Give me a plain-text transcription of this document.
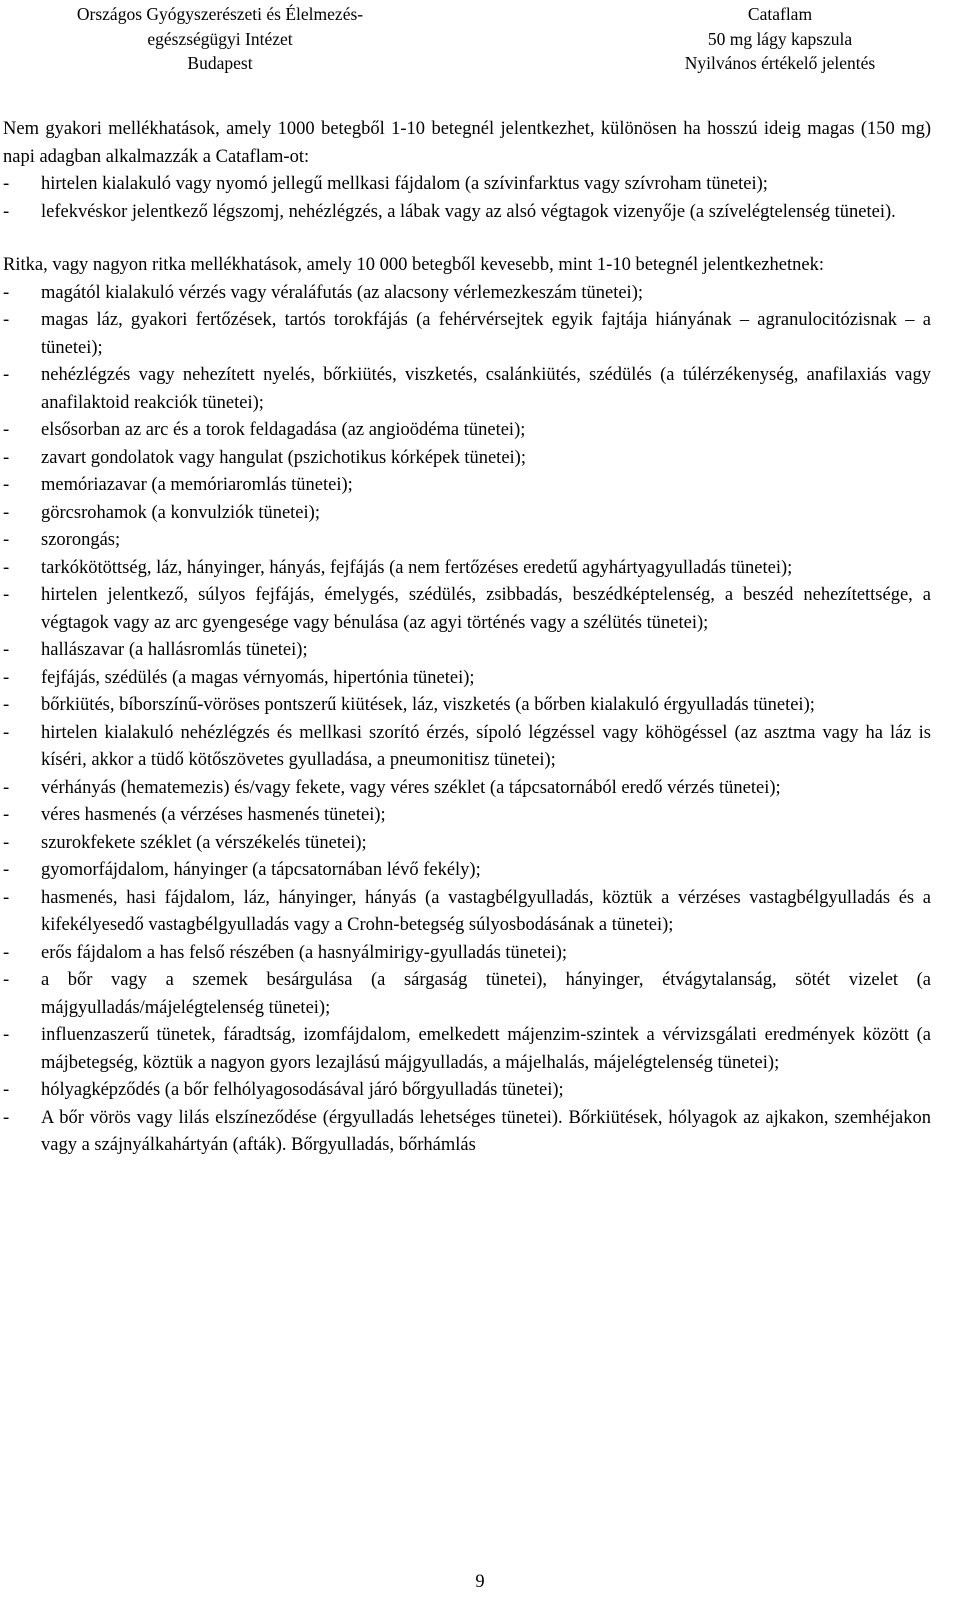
Országos Gyógyszerészeti és Élelmezés-
egészségügyi Intézet
Budapest
Cataflam
50 mg lágy kapszula
Nyilvános értékelő jelentés

Nem gyakori mellékhatások, amely 1000 betegből 1-10 betegnél jelentkezhet, különösen ha hosszú ideig magas (150 mg) napi adagban alkalmazzák a Cataflam-ot:

-	hirtelen kialakuló vagy nyomó jellegű mellkasi fájdalom (a szívinfarktus vagy szívroham tünetei);
-	lefekvéskor jelentkező légszomj, nehézlégzés, a lábak vagy az alsó végtagok vizenyője (a szívelégtelenség tünetei).

Ritka, vagy nagyon ritka mellékhatások, amely 10 000 betegből kevesebb, mint 1-10 betegnél jelentkezhetnek:

-	magától kialakuló vérzés vagy véraláfutás (az alacsony vérlemezkeszám tünetei);
-	magas láz, gyakori fertőzések, tartós torokfájás (a fehérvérsejtek egyik fajtája hiányának – agranulocitózisnak – a tünetei);
-	nehézlégzés vagy nehezített nyelés, bőrkiütés, viszketés, csalánkiütés, szédülés (a túlérzékenység, anafilaxiás vagy anafilaktoid reakciók tünetei);
-	elsősorban az arc és a torok feldagadása (az angioödéma tünetei);
-	zavart gondolatok vagy hangulat (pszichotikus kórképek tünetei);
-	memóriazavar (a memóriaromlás tünetei);
-	görcsrohamok (a konvulziók tünetei);
-	szorongás;
-	tarkókötöttség, láz, hányinger, hányás, fejfájás (a nem fertőzéses eredetű agyhártyagyulladás tünetei);
-	hirtelen jelentkező, súlyos fejfájás, émelygés, szédülés, zsibbadás, beszédképtelenség, a beszéd nehezítettsége, a végtagok vagy az arc gyengesége vagy bénulása (az agyi történés vagy a szélütés tünetei);
-	hallászavar (a hallásromlás tünetei);
-	fejfájás, szédülés (a magas vérnyomás, hipertónia tünetei);
-	bőrkiütés, bíborszínű-vöröses pontszerű kiütések, láz, viszketés (a bőrben kialakuló érgyulladás tünetei);
-	hirtelen kialakuló nehézlégzés és mellkasi szorító érzés, sípoló légzéssel vagy köhögéssel (az asztma vagy ha láz is kíséri, akkor a tüdő kötőszövetes gyulladása, a pneumonitisz tünetei);
-	vérhányás (hematemezis) és/vagy fekete, vagy véres széklet (a tápcsatornából eredő vérzés tünetei);
-	véres hasmenés (a vérzéses hasmenés tünetei);
-	szurokfekete széklet (a vérszékelés tünetei);
-	gyomorfájdalom, hányinger (a tápcsatornában lévő fekély);
-	hasmenés, hasi fájdalom, láz, hányinger, hányás (a vastagbélgyulladás, köztük a vérzéses vastagbélgyulladás és a kifekélyesedő vastagbélgyulladás vagy a Crohn-betegség súlyosbodásának a tünetei);
-	erős fájdalom a has felső részében (a hasnyálmirigy-gyulladás tünetei);
-	a bőr vagy a szemek besárgulása (a sárgaság tünetei), hányinger, étvágytalanság, sötét vizelet (a májgyulladás/májelégtelenség tünetei);
-	influenzaszerű tünetek, fáradtság, izomfájdalom, emelkedett májenzim-szintek a vérvizsgálati eredmények között (a májbetegség, köztük a nagyon gyors lezajlású májgyulladás, a májelhalás, májelégtelenség tünetei);
-	hólyagképződés (a bőr felhólyagosodásával járó bőrgyulladás tünetei);
-	A bőr vörös vagy lilás elszíneződése (érgyulladás lehetséges tünetei). Bőrkiütések, hólyagok az ajkakon, szemhéjakon vagy a szájnyálkahártyán (afták). Bőrgyulladás, bőrhámlás
9
